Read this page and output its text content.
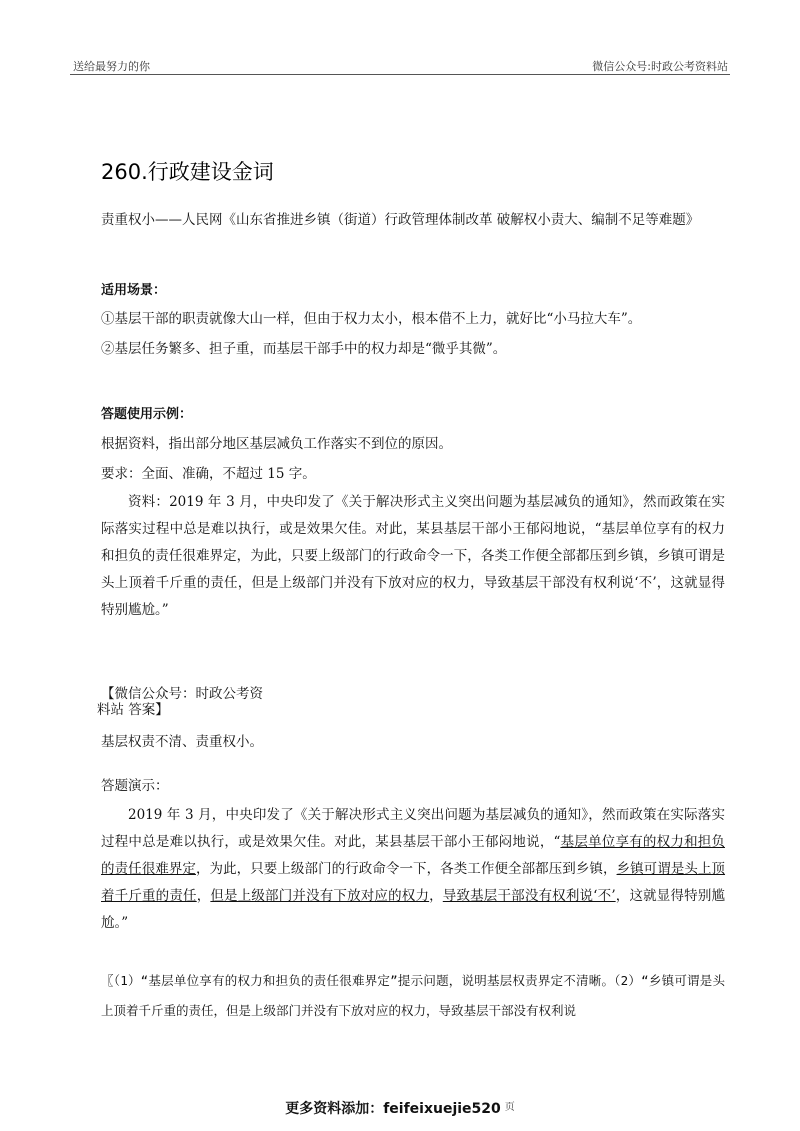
送给最努力的你	微信公众号:时政公考资料站
260.行政建设金词
责重权小——人民网《山东省推进乡镇（街道）行政管理体制改革 破解权小责大、编制不足等难题》
适用场景：
①基层干部的职责就像大山一样，但由于权力太小，根本借不上力，就好比“小马拉大车”。
②基层任务繁多、担子重，而基层干部手中的权力却是“微乎其微”。
答题使用示例：
根据资料，指出部分地区基层减负工作落实不到位的原因。
要求：全面、准确，不超过 15 字。
资料：2019 年 3 月，中央印发了《关于解决形式主义突出问题为基层减负的通知》，然而政策在实际落实过程中总是难以执行，或是效果欠佳。对此，某县基层干部小王郁闷地说，“基层单位享有的权力和担负的责任很难界定，为此，只要上级部门的行政命令一下，各类工作便全部都压到乡镇，乡镇可谓是头上顶着千斤重的责任，但是上级部门并没有下放对应的权力，导致基层干部没有权利说‘不’，这就显得特别尴尬。”
【微信公众号：时政公考资
料站 答案】
基层权责不清、责重权小。
答题演示：
2019 年 3 月，中央印发了《关于解决形式主义突出问题为基层减负的通知》，然而政策在实际落实过程中总是难以执行，或是效果欠佳。对此，某县基层干部小王郁闷地说，“基层单位享有的权力和担负的责任很难界定，为此，只要上级部门的行政命令一下，各类工作便全部都压到乡镇，乡镇可谓是头上顶着千斤重的责任，但是上级部门并没有下放对应的权力，导致基层干部没有权利说‘不’，这就显得特别尴尬。”
〖（1）“基层单位享有的权力和担负的责任很难界定”提示问题，说明基层权责界定不清晰。（2）“乡镇可谓是头上顶着千斤重的责任，但是上级部门并没有下放对应的权力，导致基层干部没有权利说
更多资料添加：feifeixuejie520 $^页$
